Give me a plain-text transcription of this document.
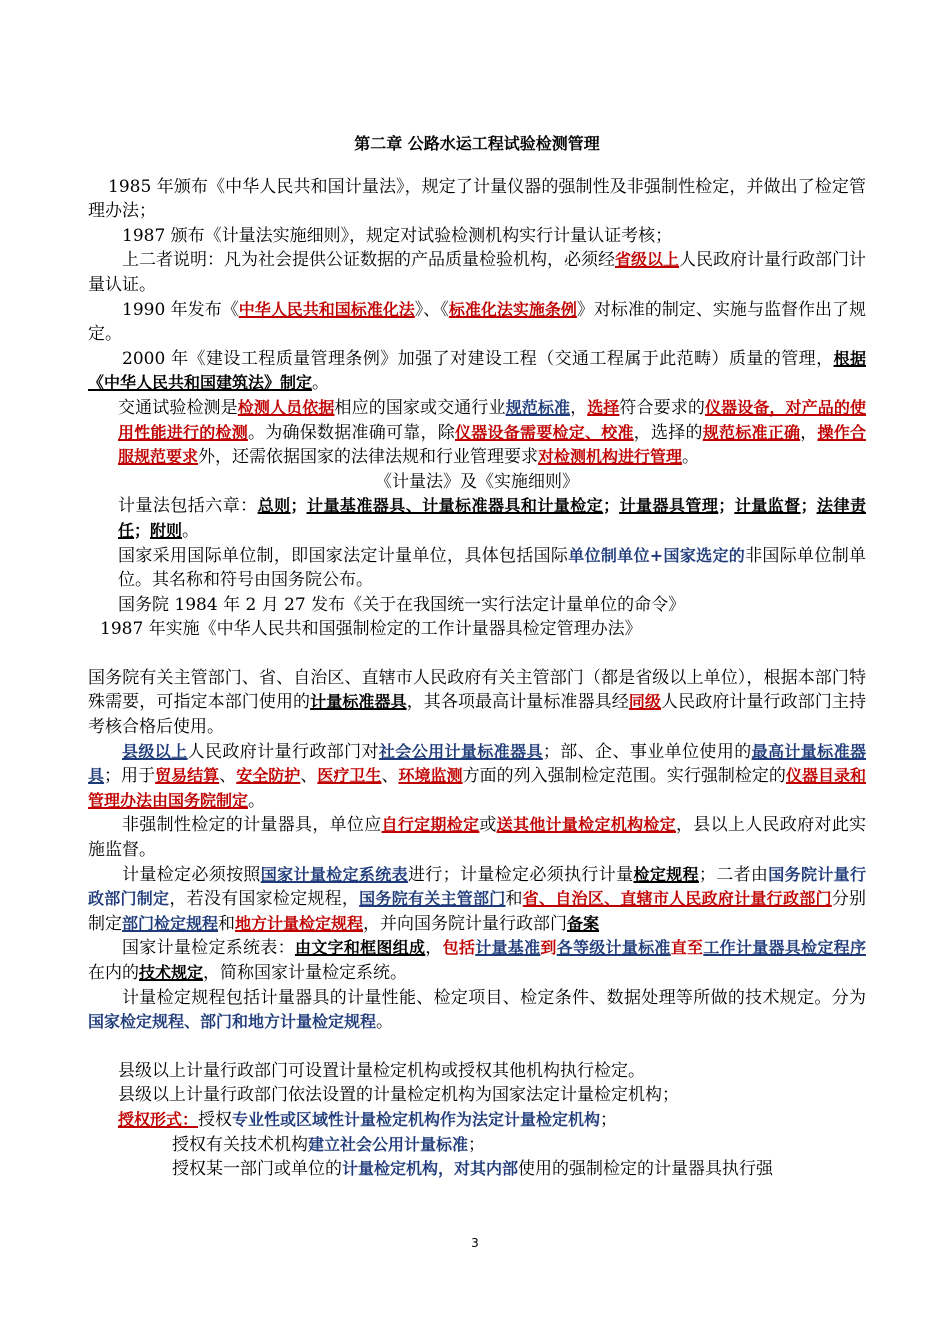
第二章 公路水运工程试验检测管理

1985 年颁布《中华人民共和国计量法》，规定了计量仪器的强制性及非强制性检定，并做出了检定管理办法；

1987 颁布《计量法实施细则》，规定对试验检测机构实行计量认证考核；

上二者说明：凡为社会提供公证数据的产品质量检验机构，必须经省级以上人民政府计量行政部门计量认证。

1990 年发布《中华人民共和国标准化法》、《标准化法实施条例》对标准的制定、实施与监督作出了规定。

2000 年《建设工程质量管理条例》加强了对建设工程（交通工程属于此范畴）质量的管理，根据《中华人民共和国建筑法》制定。

交通试验检测是检测人员依据相应的国家或交通行业规范标准，选择符合要求的仪器设备，对产品的使用性能进行的检测。为确保数据准确可靠，除仪器设备需要检定、校准，选择的规范标准正确，操作合服规范要求外，还需依据国家的法律法规和行业管理要求对检测机构进行管理。

《计量法》及《实施细则》

计量法包括六章：总则；计量基准器具、计量标准器具和计量检定；计量器具管理；计量监督；法律责任；附则。

国家采用国际单位制，即国家法定计量单位，具体包括国际单位制单位+国家选定的非国际单位制单位。其名称和符号由国务院公布。

国务院 1984 年 2 月 27 发布《关于在我国统一实行法定计量单位的命令》

1987 年实施《中华人民共和国强制检定的工作计量器具检定管理办法》

国务院有关主管部门、省、自治区、直辖市人民政府有关主管部门（都是省级以上单位），根据本部门特殊需要，可指定本部门使用的计量标准器具，其各项最高计量标准器具经同级人民政府计量行政部门主持考核合格后使用。

县级以上人民政府计量行政部门对社会公用计量标准器具；部、企、事业单位使用的最高计量标准器具；用于贸易结算、安全防护、医疗卫生、环境监测方面的列入强制检定范围。实行强制检定的仪器目录和管理办法由国务院制定。

非强制性检定的计量器具，单位应自行定期检定或送其他计量检定机构检定，县以上人民政府对此实施监督。

计量检定必须按照国家计量检定系统表进行；计量检定必须执行计量检定规程；二者由国务院计量行政部门制定，若没有国家检定规程，国务院有关主管部门和省、自治区、直辖市人民政府计量行政部门分别制定部门检定规程和地方计量检定规程，并向国务院计量行政部门备案

国家计量检定系统表：由文字和框图组成，包括计量基准到各等级计量标准直至工作计量器具检定程序在内的技术规定，简称国家计量检定系统。

计量检定规程包括计量器具的计量性能、检定项目、检定条件、数据处理等所做的技术规定。分为国家检定规程、部门和地方计量检定规程。

县级以上计量行政部门可设置计量检定机构或授权其他机构执行检定。

县级以上计量行政部门依法设置的计量检定机构为国家法定计量检定机构；

授权形式：授权专业性或区域性计量检定机构作为法定计量检定机构；

授权有关技术机构建立社会公用计量标准；

授权某一部门或单位的计量检定机构，对其内部使用的强制检定的计量器具执行强

3
